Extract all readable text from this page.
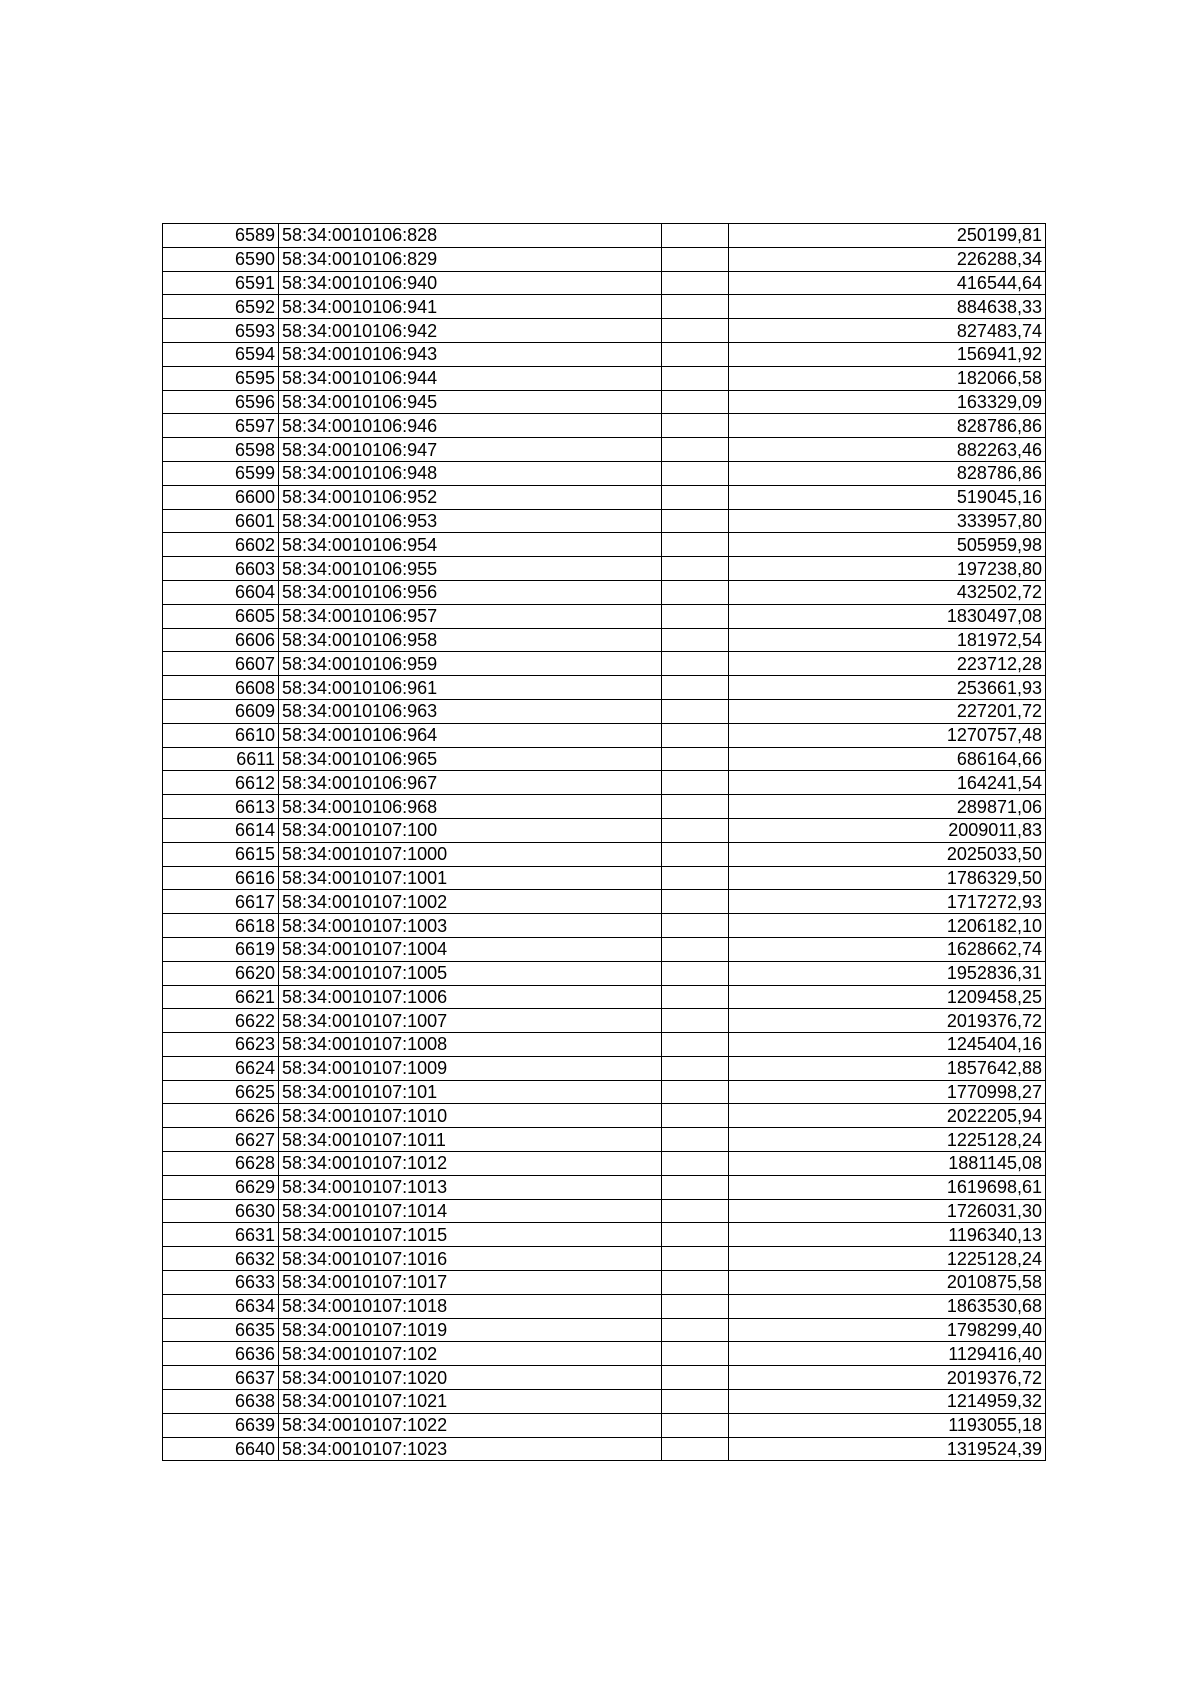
6589	58:34:0010106:828		250199,81
6590	58:34:0010106:829		226288,34
6591	58:34:0010106:940		416544,64
6592	58:34:0010106:941		884638,33
6593	58:34:0010106:942		827483,74
6594	58:34:0010106:943		156941,92
6595	58:34:0010106:944		182066,58
6596	58:34:0010106:945		163329,09
6597	58:34:0010106:946		828786,86
6598	58:34:0010106:947		882263,46
6599	58:34:0010106:948		828786,86
6600	58:34:0010106:952		519045,16
6601	58:34:0010106:953		333957,80
6602	58:34:0010106:954		505959,98
6603	58:34:0010106:955		197238,80
6604	58:34:0010106:956		432502,72
6605	58:34:0010106:957		1830497,08
6606	58:34:0010106:958		181972,54
6607	58:34:0010106:959		223712,28
6608	58:34:0010106:961		253661,93
6609	58:34:0010106:963		227201,72
6610	58:34:0010106:964		1270757,48
6611	58:34:0010106:965		686164,66
6612	58:34:0010106:967		164241,54
6613	58:34:0010106:968		289871,06
6614	58:34:0010107:100		2009011,83
6615	58:34:0010107:1000		2025033,50
6616	58:34:0010107:1001		1786329,50
6617	58:34:0010107:1002		1717272,93
6618	58:34:0010107:1003		1206182,10
6619	58:34:0010107:1004		1628662,74
6620	58:34:0010107:1005		1952836,31
6621	58:34:0010107:1006		1209458,25
6622	58:34:0010107:1007		2019376,72
6623	58:34:0010107:1008		1245404,16
6624	58:34:0010107:1009		1857642,88
6625	58:34:0010107:101		1770998,27
6626	58:34:0010107:1010		2022205,94
6627	58:34:0010107:1011		1225128,24
6628	58:34:0010107:1012		1881145,08
6629	58:34:0010107:1013		1619698,61
6630	58:34:0010107:1014		1726031,30
6631	58:34:0010107:1015		1196340,13
6632	58:34:0010107:1016		1225128,24
6633	58:34:0010107:1017		2010875,58
6634	58:34:0010107:1018		1863530,68
6635	58:34:0010107:1019		1798299,40
6636	58:34:0010107:102		1129416,40
6637	58:34:0010107:1020		2019376,72
6638	58:34:0010107:1021		1214959,32
6639	58:34:0010107:1022		1193055,18
6640	58:34:0010107:1023		1319524,39
